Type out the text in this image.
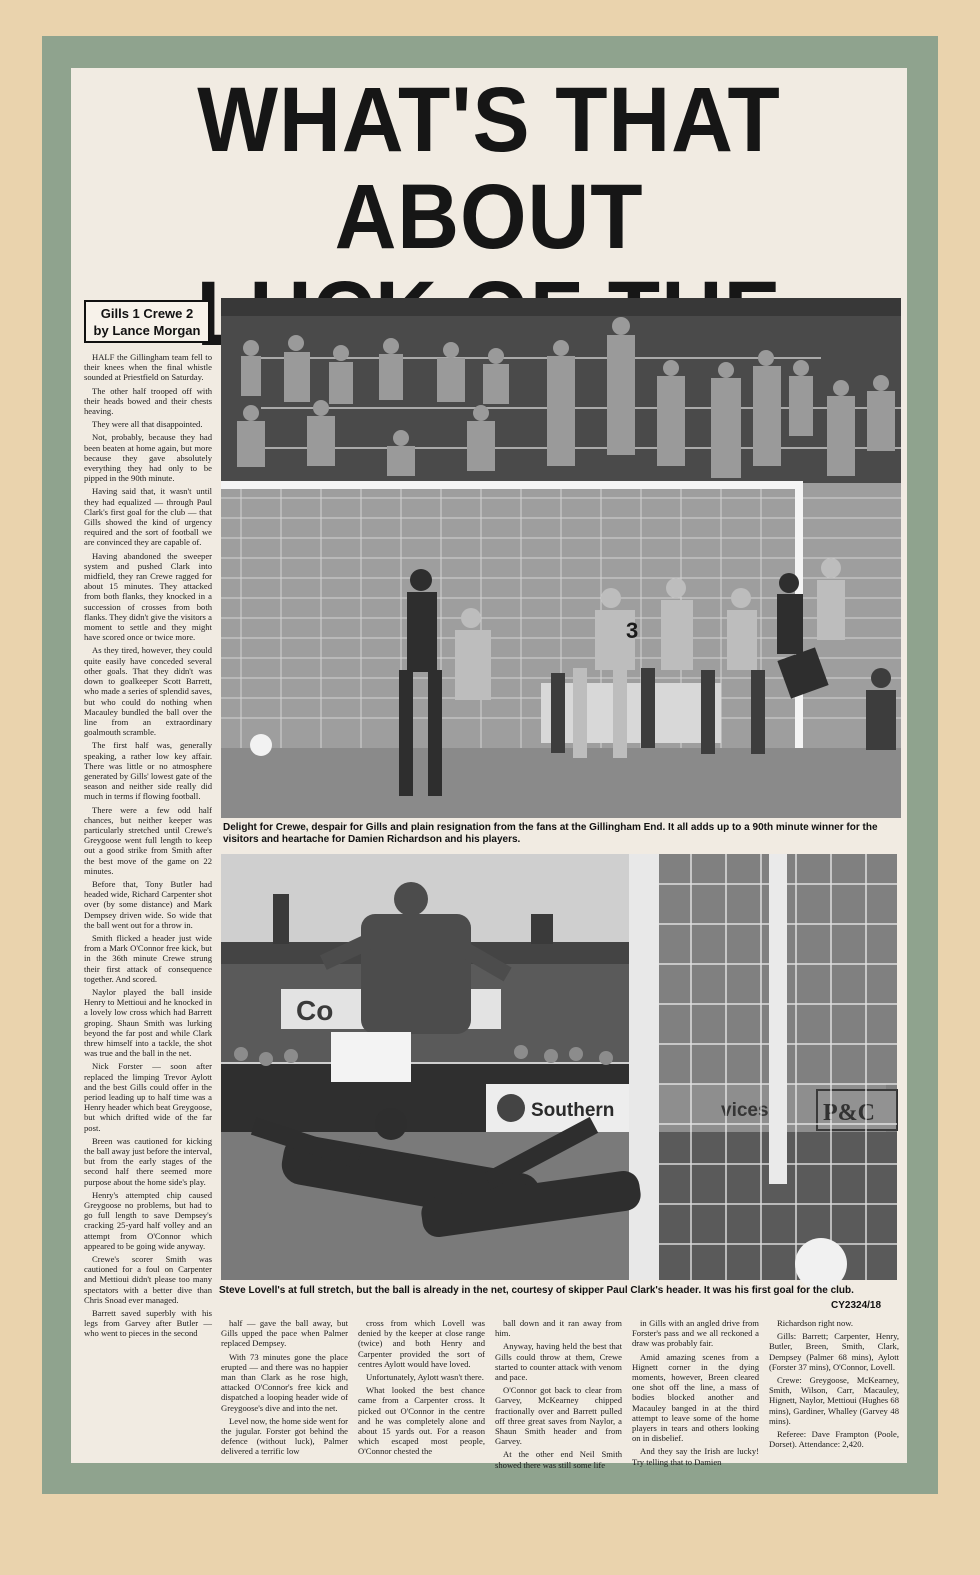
WHAT'S THAT ABOUT
Gills 1 Crewe 2
by Lance Morgan

HALF the Gillingham team fell to their knees when the final whistle sounded at Priestfield on Saturday.

The other half trooped off with their heads bowed and their chests heaving.

They were all that disappointed.

Not, probably, because they had been beaten at home again, but more because they gave absolutely everything they had only to be pipped in the 90th minute.

Having said that, it wasn't until they had equalized — through Paul Clark's first goal for the club — that Gills showed the kind of urgency required and the sort of football we are convinced they are capable of.

Having abandoned the sweeper system and pushed Clark into midfield, they ran Crewe ragged for about 15 minutes. They attacked from both flanks, they knocked in a succession of crosses from both flanks. They didn't give the visitors a moment to settle and they might have scored once or twice more.

As they tired, however, they could quite easily have conceded several other goals. That they didn't was down to goalkeeper Scott Barrett, who made a series of splendid saves, but who could do nothing when Macauley bundled the ball over the line from an extraordinary goalmouth scramble.

The first half was, generally speaking, a rather low key affair. There was little or no atmosphere generated by Gills' lowest gate of the season and neither side really did much in terms if flowing football.

There were a few odd half chances, but neither keeper was particularly stretched until Crewe's Greygoose went full length to keep out a good strike from Smith after the best move of the game on 22 minutes.

Before that, Tony Butler had headed wide, Richard Carpenter shot over (by some distance) and Mark Dempsey driven wide. So wide that the ball went out for a throw in.

Smith flicked a header just wide from a Mark O'Connor free kick, but in the 36th minute Crewe strung their first attack of consequence together. And scored.

Naylor played the ball inside Henry to Mettioui and he knocked in a lovely low cross which had Barrett groping. Shaun Smith was lurking beyond the far post and while Clark threw himself into a tackle, the shot was true and the ball in the net.

Nick Forster — soon after replaced the limping Trevor Aylott and the best Gills could offer in the period leading up to half time was a Henry header which beat Greygoose, but which drifted wide of the far post.

Breen was cautioned for kicking the ball away just before the interval, but from the early stages of the second half there seemed more purpose about the home side's play.

Henry's attempted chip caused Greygoose no problems, but had to go full length to save Dempsey's cracking 25-yard half volley and an attempt from O'Connor which appeared to be going wide anyway.

Crewe's scorer Smith was cautioned for a foul on Carpenter and Mettioui didn't please too many spectators with a better dive than Chris Snoad ever managed.

Barrett saved superbly with his legs from Garvey after Butler — who went to pieces in the second

3
Delight for Crewe, despair for Gills and plain resignation from the fans at the Gillingham End. It all adds up to a 90th minute winner for the visitors and heartache for Damien Richardson and his players.
Co
Southern
Steve Lovell's at full stretch, but the ball is already in the net, courtesy of skipper Paul Clark's header. It was his first goal for the club.
CY2324/18

half — gave the ball away, but Gills upped the pace when Palmer replaced Dempsey.

With 73 minutes gone the place erupted — and there was no happier man than Clark as he rose high, attacked O'Connor's free kick and dispatched a looping header wide of Greygoose's dive and into the net.

Level now, the home side went for the jugular. Forster got behind the defence (without luck), Palmer delivered a terrific low

cross from which Lovell was denied by the keeper at close range (twice) and both Henry and Carpenter provided the sort of centres Aylott would have loved.

Unfortunately, Aylott wasn't there.

What looked the best chance came from a Carpenter cross. It picked out O'Connor in the centre and he was completely alone and about 15 yards out. For a reason which escaped most people, O'Connor chested the

ball down and it ran away from him.

Anyway, having held the best that Gills could throw at them, Crewe started to counter attack with venom and pace.

O'Connor got back to clear from Garvey, McKearney chipped fractionally over and Barrett pulled off three great saves from Naylor, a Shaun Smith header and from Garvey.

At the other end Neil Smith showed there was still some life

in Gills with an angled drive from Forster's pass and we all reckoned a draw was probably fair.

Amid amazing scenes from a Hignett corner in the dying moments, however, Breen cleared one shot off the line, a mass of bodies blocked another and Macauley banged in at the third attempt to leave some of the home players in tears and others looking on in disbelief.

And they say the Irish are lucky! Try telling that to Damien

Richardson right now.

Gills: Barrett; Carpenter, Henry, Butler, Breen, Smith, Clark, Dempsey (Palmer 68 mins), Aylott (Forster 37 mins), O'Connor, Lovell.

Crewe: Greygoose, McKearney, Smith, Wilson, Carr, Macauley, Hignett, Naylor, Mettioui (Hughes 68 mins), Gardiner, Whalley (Garvey 48 mins).

Referee: Dave Frampton (Poole, Dorset). Attendance: 2,420.
